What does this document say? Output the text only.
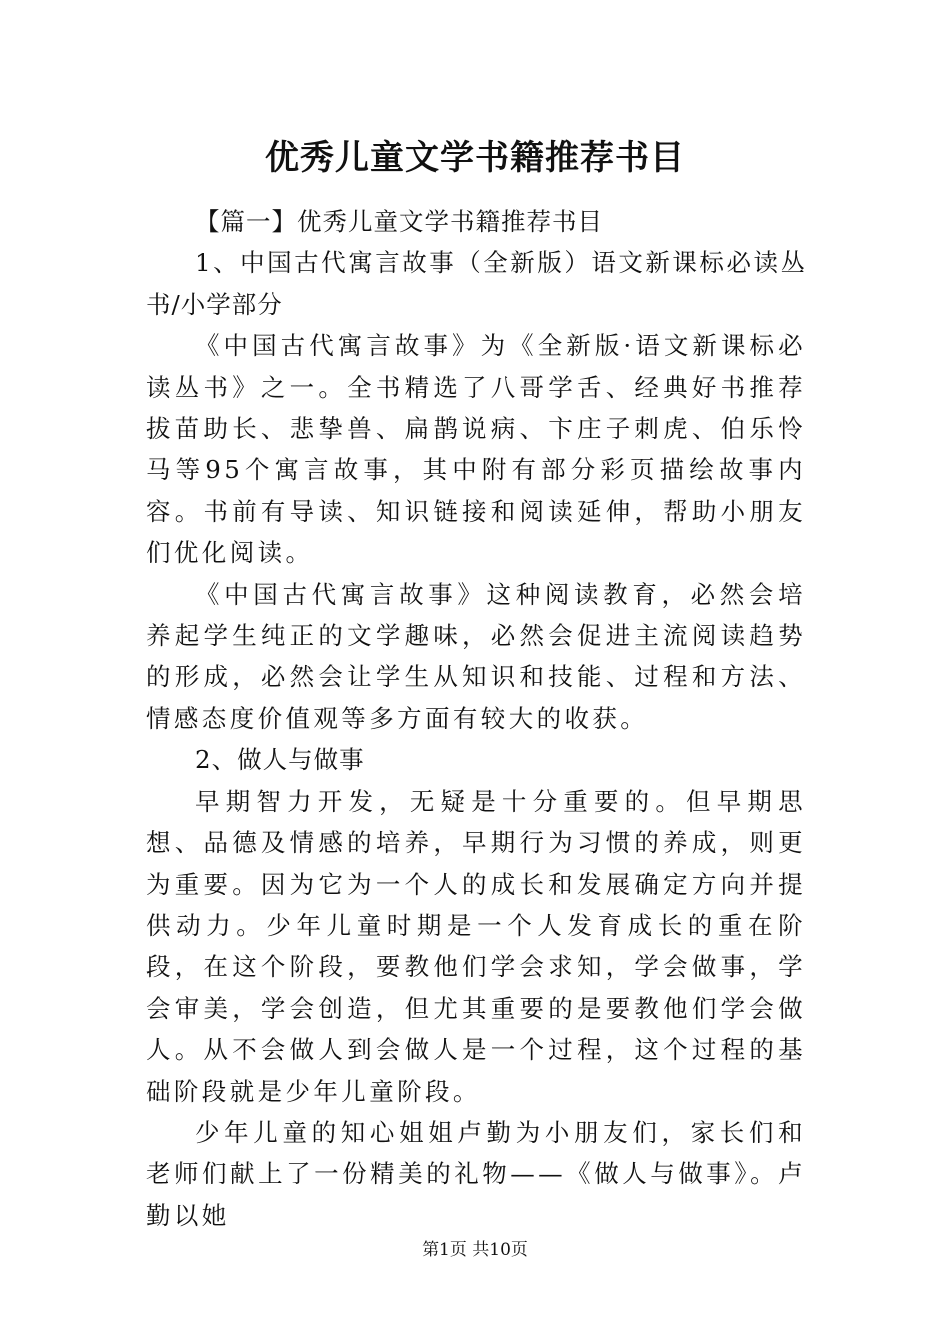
优秀儿童文学书籍推荐书目

【篇一】优秀儿童文学书籍推荐书目

1、中国古代寓言故事（全新版）语文新课标必读丛书/小学部分

《中国古代寓言故事》为《全新版·语文新课标必读丛书》之一。全书精选了八哥学舌、经典好书推荐拔苗助长、悲挚兽、扁鹊说病、卞庄子刺虎、伯乐怜马等95个寓言故事，其中附有部分彩页描绘故事内容。书前有导读、知识链接和阅读延伸，帮助小朋友们优化阅读。

《中国古代寓言故事》这种阅读教育，必然会培养起学生纯正的文学趣味，必然会促进主流阅读趋势的形成，必然会让学生从知识和技能、过程和方法、情感态度价值观等多方面有较大的收获。

2、做人与做事

早期智力开发，无疑是十分重要的。但早期思想、品德及情感的培养，早期行为习惯的养成，则更为重要。因为它为一个人的成长和发展确定方向并提供动力。少年儿童时期是一个人发育成长的重在阶段，在这个阶段，要教他们学会求知，学会做事，学会审美，学会创造，但尤其重要的是要教他们学会做人。从不会做人到会做人是一个过程，这个过程的基础阶段就是少年儿童阶段。

少年儿童的知心姐姐卢勤为小朋友们，家长们和老师们献上了一份精美的礼物——《做人与做事》。卢勤以她

第1页 共10页
